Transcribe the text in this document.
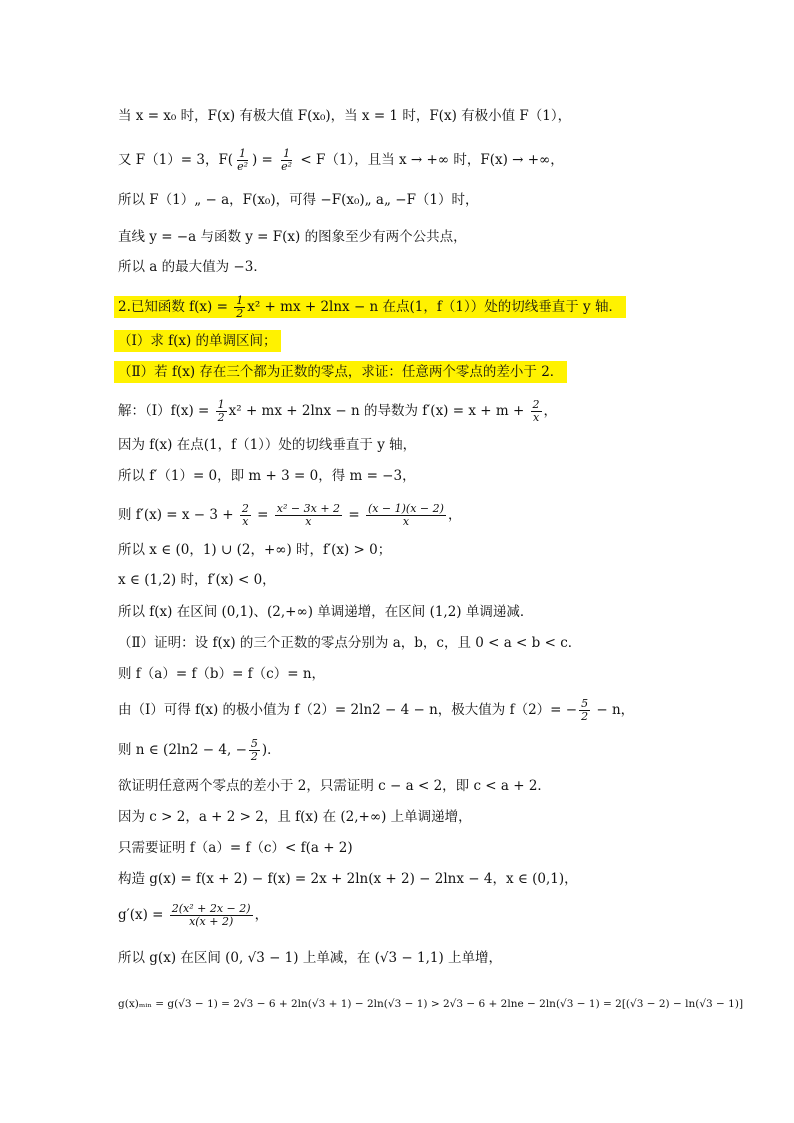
当 x = x₀ 时，F(x) 有极大值 F(x₀)，当 x = 1 时，F(x) 有极小值 F（1），
又 F（1）= 3，$F( \frac{1}{\text{e²}}$ ) = $\frac{1}{\text{e²}} < F(1)$，且当 x → +∞ 时，F(x) → +∞，
所以 F（1）„ − a，F(x₀)，可得 −F(x₀)„ a„ −F（1）时，
直线 y = −a 与函数 y = F(x) 的图象至少有两个公共点，
所以 a 的最大值为 −3．
2.已知函数 $f(x) = \frac{1}{2} x^2$ + mx + 2lnx − n 在点(1，f（1））处的切线垂直于 y 轴．
（Ⅰ）求 f(x) 的单调区间；
（Ⅱ）若 f(x) 存在三个都为正数的零点，求证：任意两个零点的差小于 2．
解：（Ⅰ）f(x) = $\frac{1}{2} x^2$ + mx + 2lnx − n 的导数为 $f'(x) = x + m + \frac{2}{x}$ ，
因为 f(x) 在点(1，f（1））处的切线垂直于 y 轴，
所以 f′（1）= 0，即 m + 3 = 0，得 m = −3，
则 $f'(x) = x - 3 + \frac{2}{x} = \frac{\text{x² − 3x + 2}}{x} = \frac{(x - 1)(x - 2)}{x}$ ，
所以 x ∈ (0，1) ∪ (2，+∞) 时，f′(x) > 0；
x ∈ (1,2) 时，f′(x) < 0，
所以 f(x) 在区间 (0,1)、(2,+∞) 单调递增，在区间 (1,2) 单调递减．
（Ⅱ）证明：设 f(x) 的三个正数的零点分别为 a，b，c，且 0 < a < b < c．
则 f（a）= f（b）= f（c）= n，
由（Ⅰ）可得 f(x) 的极小值为 f（2）= 2ln2 − 4 − n，极大值为 $f(2)= - \frac{5}{2} - n$，
则 n ∈ (2ln2 − 4, − $\frac{5}{2}$ )．
欲证明任意两个零点的差小于 2，只需证明 c − a < 2，即 c < a + 2．
因为 c > 2，a + 2 > 2，且 f(x) 在 (2,+∞) 上单调递增，
只需要证明 f（a）= f（c）< f(a + 2)
构造 g(x) = f(x + 2) − f(x) = 2x + 2ln(x + 2) − 2lnx − 4，x ∈ (0,1)，
$g'(x) = \frac{\text{2(x² + 2x − 2)}}{x(x + 2)}$ ，
所以 g(x) 在区间 (0, √3 − 1) 上单减，在 (√3 − 1,1) 上单增，
g(x)ₘᵢₙ = g(√3 − 1) = 2√3 − 6 + 2ln(√3 + 1) − 2ln(√3 − 1) > 2√3 − 6 + 2lne − 2ln(√3 − 1) = 2[(√3 − 2) − ln(√3 − 1)]
